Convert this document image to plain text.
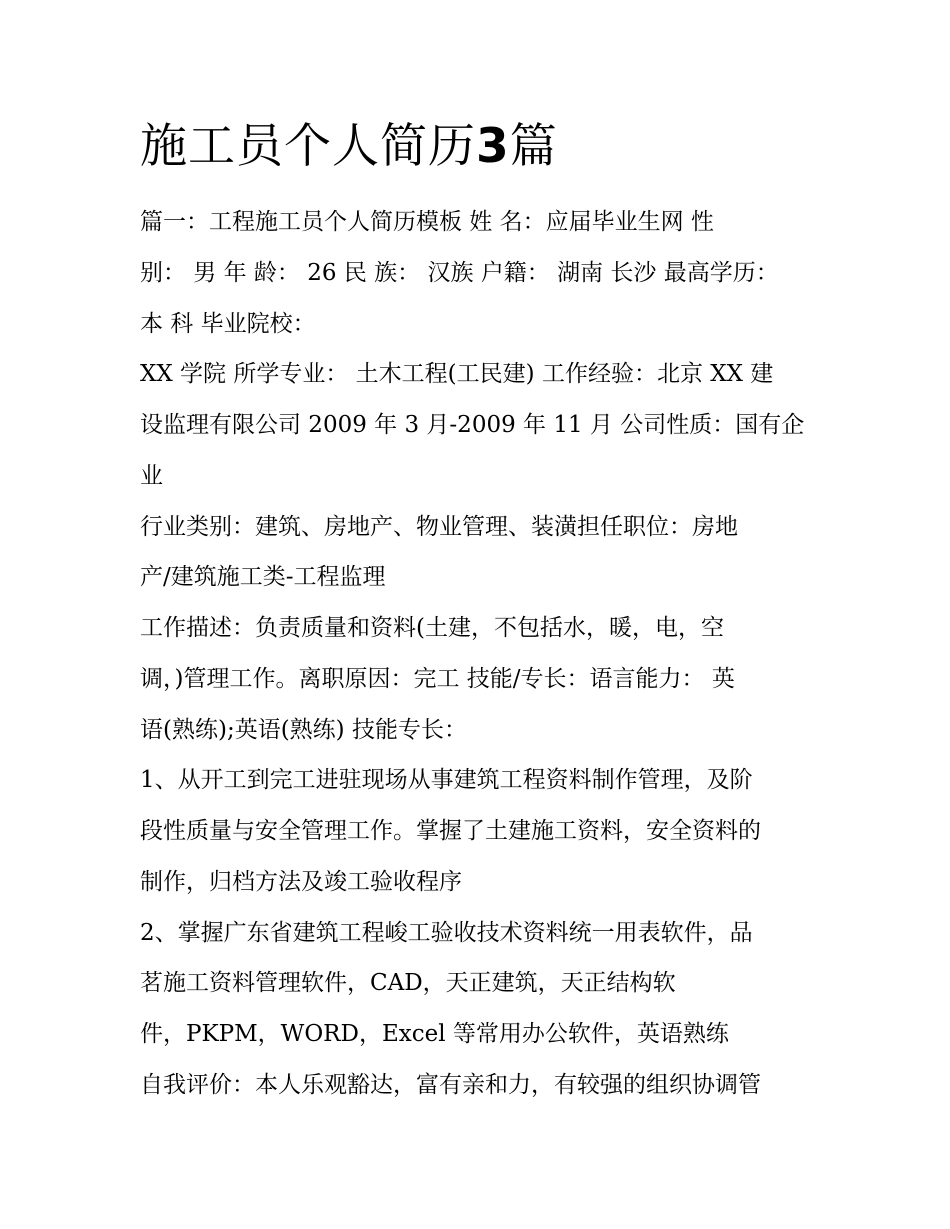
施工员个人简历3篇
篇一：工程施工员个人简历模板 姓 名：应届毕业生网 性
别： 男 年 龄： 26 民 族： 汉族 户籍： 湖南 长沙 最高学历：
本 科 毕业院校：
XX 学院 所学专业： 土木工程(工民建) 工作经验：北京 XX 建
设监理有限公司 2009 年 3 月-2009 年 11 月 公司性质：国有企
业
行业类别：建筑、房地产、物业管理、装潢担任职位：房地
产/建筑施工类-工程监理
工作描述：负责质量和资料(土建，不包括水，暖，电，空
调，)管理工作。离职原因：完工 技能/专长：语言能力： 英
语(熟练);英语(熟练) 技能专长：
1、从开工到完工进驻现场从事建筑工程资料制作管理，及阶
段性质量与安全管理工作。掌握了土建施工资料，安全资料的
制作，归档方法及竣工验收程序
2、掌握广东省建筑工程峻工验收技术资料统一用表软件，品
茗施工资料管理软件，CAD，天正建筑，天正结构软
件，PKPM，WORD，Excel 等常用办公软件，英语熟练
自我评价：本人乐观豁达，富有亲和力，有较强的组织协调管
